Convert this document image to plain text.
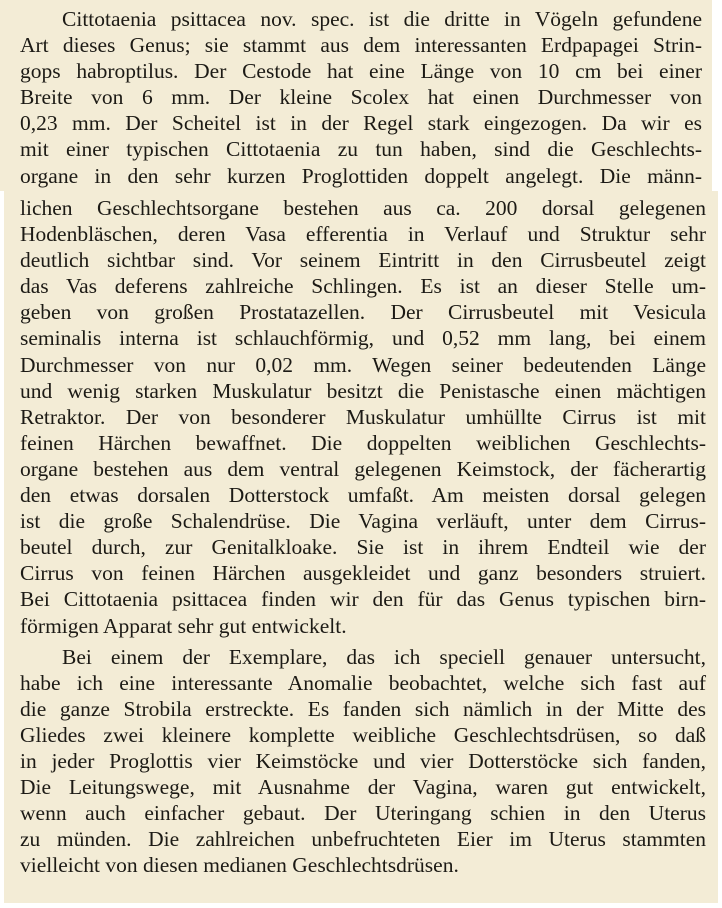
Cittotaenia psittacea nov. spec. ist die dritte in Vögeln gefundene
Art dieses Genus; sie stammt aus dem interessanten Erdpapagei Strin-
gops habroptilus. Der Cestode hat eine Länge von 10 cm bei einer
Breite von 6 mm. Der kleine Scolex hat einen Durchmesser von
0,23 mm. Der Scheitel ist in der Regel stark eingezogen. Da wir es
mit einer typischen Cittotaenia zu tun haben, sind die Geschlechts-
organe in den sehr kurzen Proglottiden doppelt angelegt. Die männ-
lichen Geschlechtsorgane bestehen aus ca. 200 dorsal gelegenen
Hodenbläschen, deren Vasa efferentia in Verlauf und Struktur sehr
deutlich sichtbar sind. Vor seinem Eintritt in den Cirrusbeutel zeigt
das Vas deferens zahlreiche Schlingen. Es ist an dieser Stelle um-
geben von großen Prostatazellen. Der Cirrusbeutel mit Vesicula
seminalis interna ist schlauchförmig, und 0,52 mm lang, bei einem
Durchmesser von nur 0,02 mm. Wegen seiner bedeutenden Länge
und wenig starken Muskulatur besitzt die Penistasche einen mächtigen
Retraktor. Der von besonderer Muskulatur umhüllte Cirrus ist mit
feinen Härchen bewaffnet. Die doppelten weiblichen Geschlechts-
organe bestehen aus dem ventral gelegenen Keimstock, der fächerartig
den etwas dorsalen Dotterstock umfaßt. Am meisten dorsal gelegen
ist die große Schalendrüse. Die Vagina verläuft, unter dem Cirrus-
beutel durch, zur Genitalkloake. Sie ist in ihrem Endteil wie der
Cirrus von feinen Härchen ausgekleidet und ganz besonders struiert.
Bei Cittotaenia psittacea finden wir den für das Genus typischen birn-
förmigen Apparat sehr gut entwickelt.
Bei einem der Exemplare, das ich speciell genauer untersucht,
habe ich eine interessante Anomalie beobachtet, welche sich fast auf
die ganze Strobila erstreckte. Es fanden sich nämlich in der Mitte des
Gliedes zwei kleinere komplette weibliche Geschlechtsdrüsen, so daß
in jeder Proglottis vier Keimstöcke und vier Dotterstöcke sich fanden,
Die Leitungswege, mit Ausnahme der Vagina, waren gut entwickelt,
wenn auch einfacher gebaut. Der Uteringang schien in den Uterus
zu münden. Die zahlreichen unbefruchteten Eier im Uterus stammten
vielleicht von diesen medianen Geschlechtsdrüsen.
